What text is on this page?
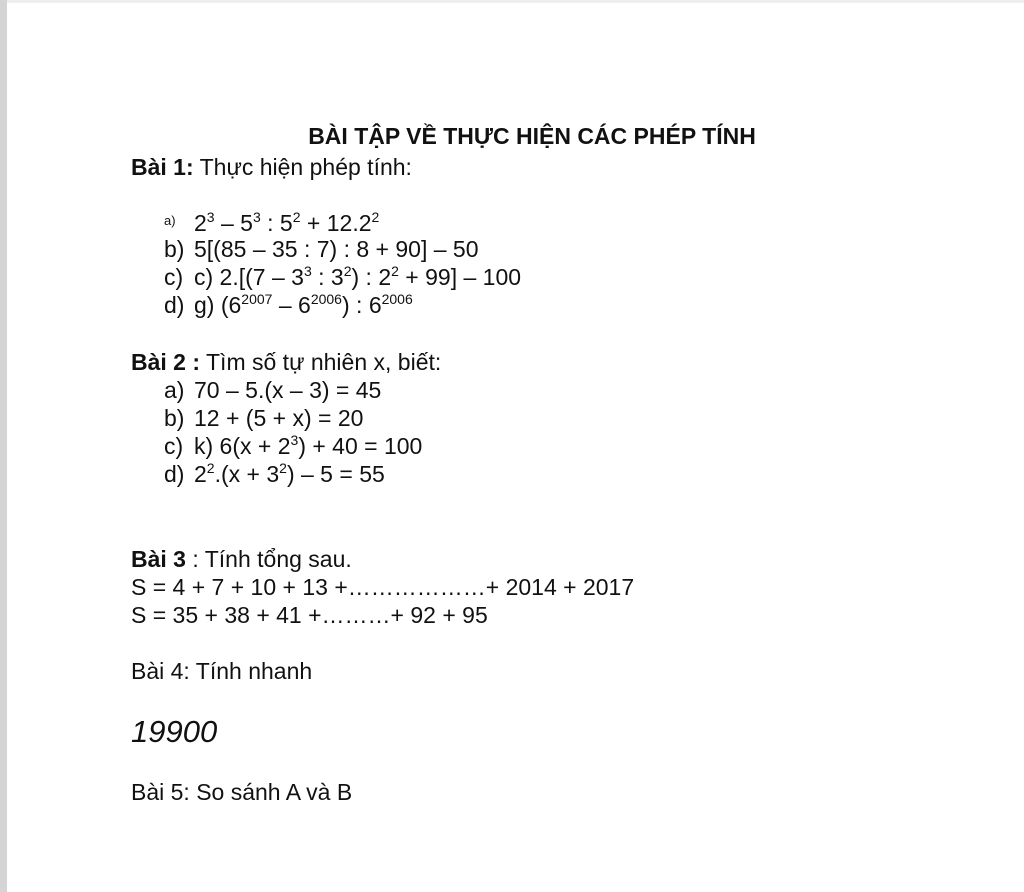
BÀI TẬP VỀ THỰC HIỆN CÁC PHÉP TÍNH
Bài 1: Thực hiện phép tính:
a) $2^3 - 5^3$ : $5^2 + 12.2^2$
b) 5[(85 – 35 : 7) : 8 + 90] – 50
c) c) $2.[(7 - 3^3$ : $3^2$) : $2^2 + 99] - 100$
d) g) $(6^{2007} - 6^{2006})$ : $6^{2006}$
Bài 2 : Tìm số tự nhiên x, biết:
a) 70 – 5.(x – 3) = 45
b) 12 + (5 + x) = 20
c) k) $6(x + 2^3) + 40 = 100$
d) $2^2.(x + 3^2) - 5 = 55$
Bài 3 : Tính tổng sau.
S = 4 + 7 + 10 + 13 +………………+ 2014 + 2017
S = 35 + 38 + 41 +………+ 92 + 95
Bài 4: Tính nhanh
19900
Bài 5: So sánh A và B
